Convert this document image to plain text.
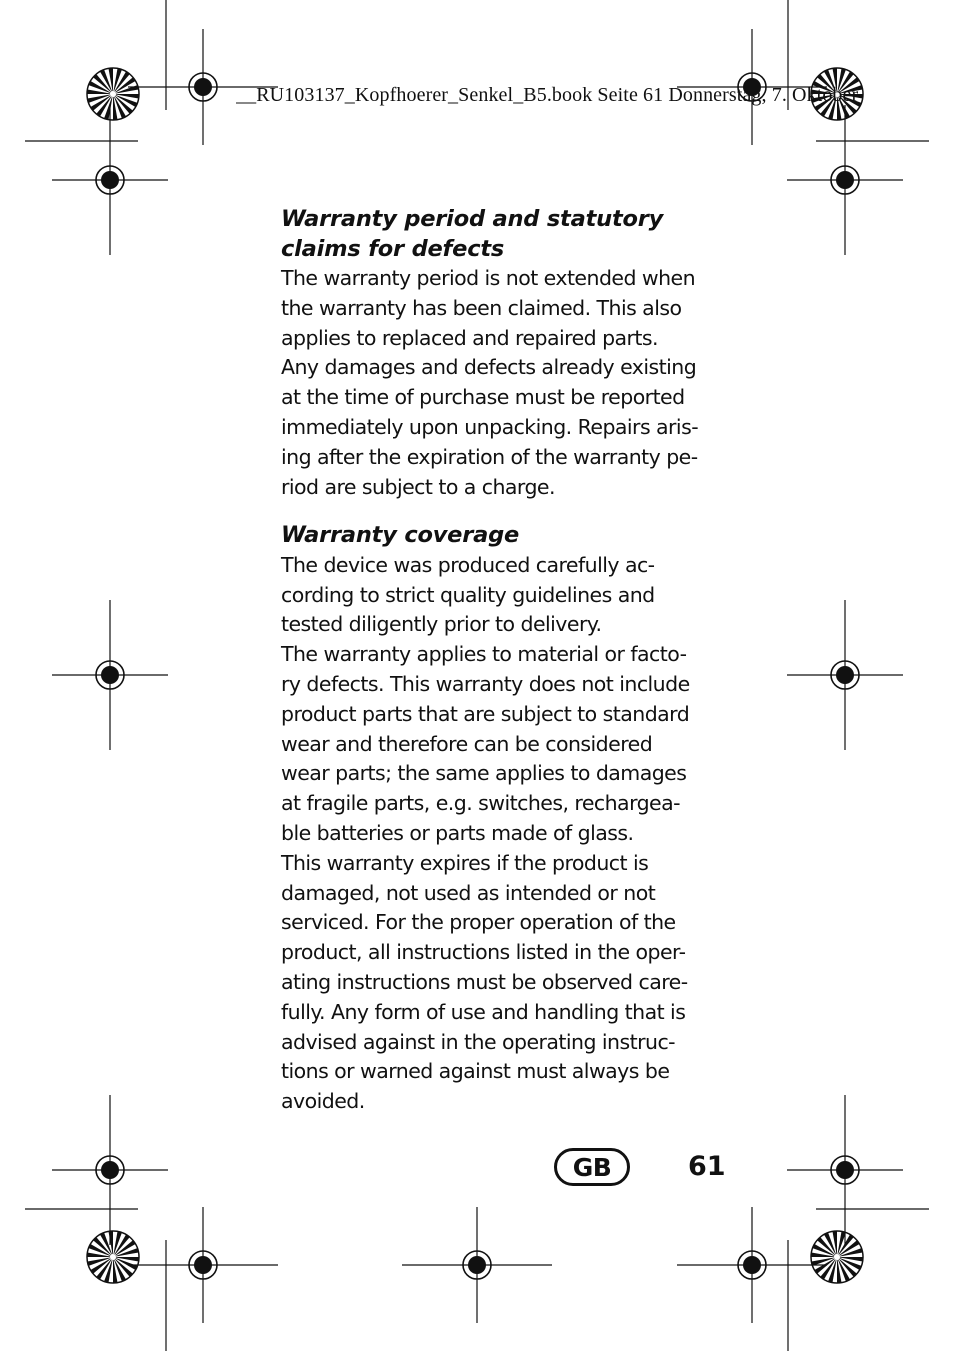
__RU103137_Kopfhoerer_Senkel_B5.book Seite 61 Donnerstag, 7. Oktober
Warranty period and statutory
claims for defects

The warranty period is not extended when
the warranty has been claimed. This also
applies to replaced and repaired parts.
Any damages and defects already existing
at the time of purchase must be reported
immediately upon unpacking. Repairs aris-
ing after the expiration of the warranty pe-
riod are subject to a charge.

Warranty coverage

The device was produced carefully ac-
cording to strict quality guidelines and
tested diligently prior to delivery.
The warranty applies to material or facto-
ry defects. This warranty does not include
product parts that are subject to standard
wear and therefore can be considered
wear parts; the same applies to damages
at fragile parts, e.g. switches, rechargea-
ble batteries or parts made of glass.
This warranty expires if the product is
damaged, not used as intended or not
serviced. For the proper operation of the
product, all instructions listed in the oper-
ating instructions must be observed care-
fully. Any form of use and handling that is
advised against in the operating instruc-
tions or warned against must always be
avoided.

GB	61
